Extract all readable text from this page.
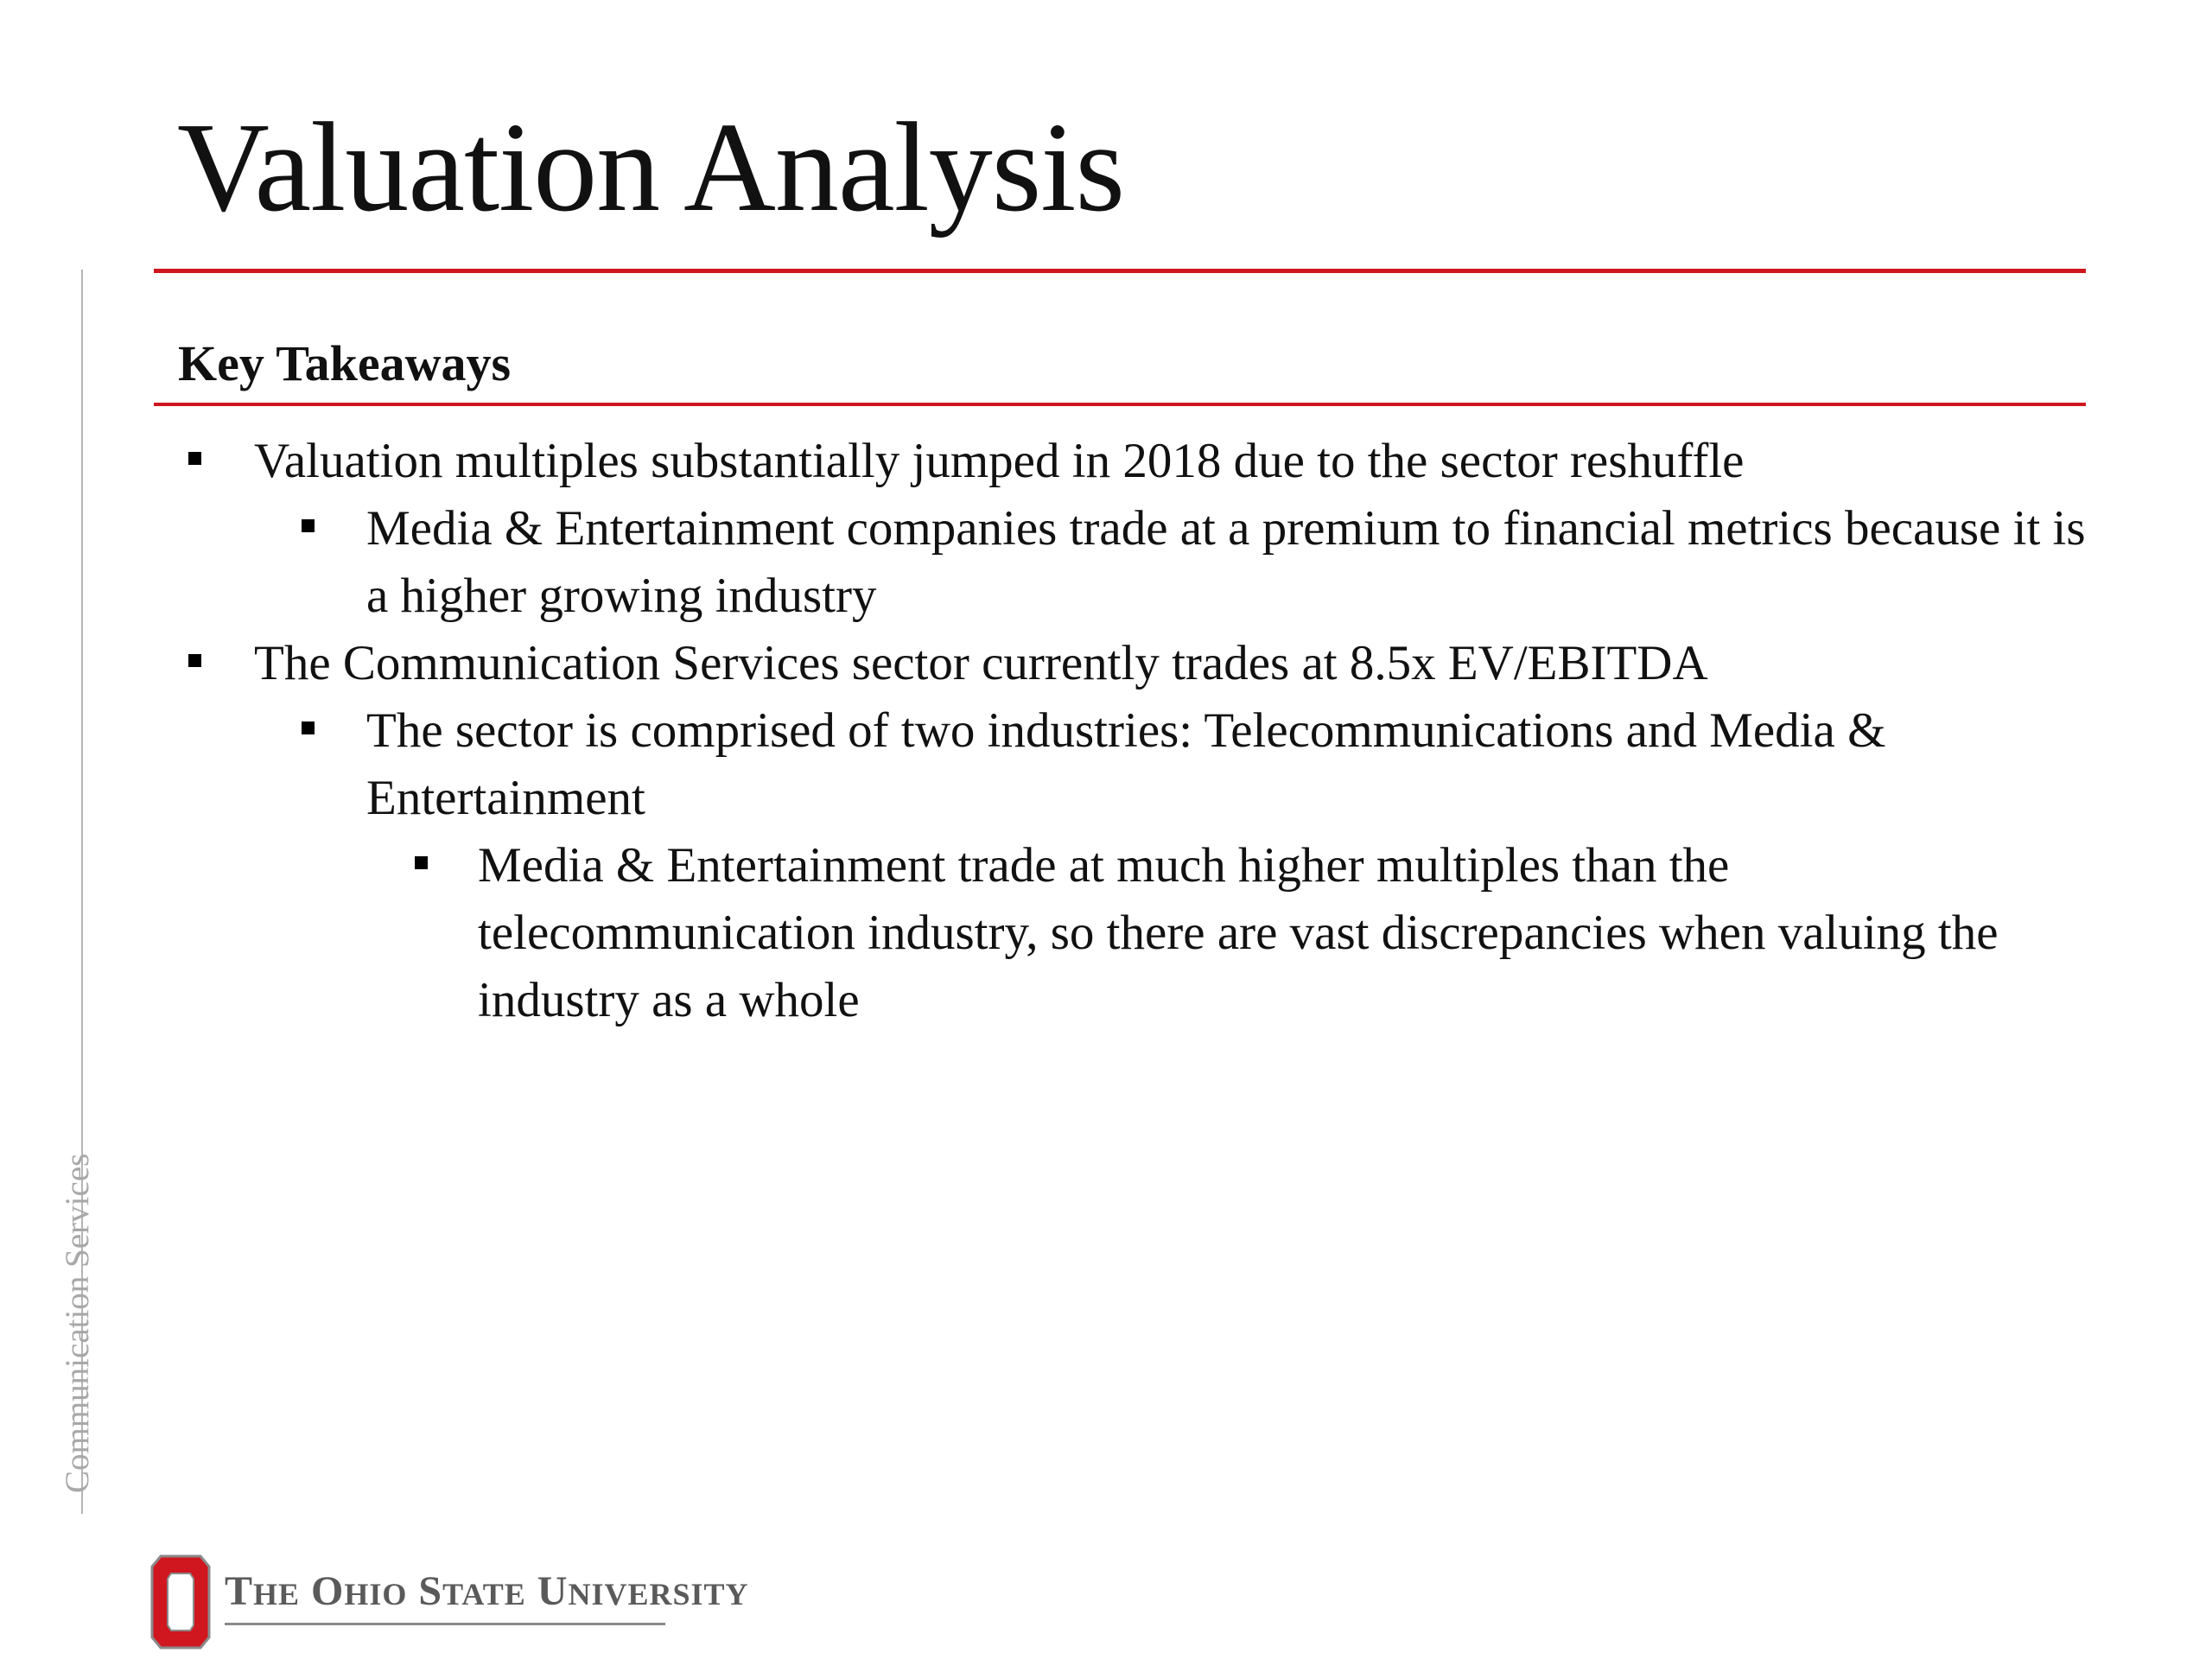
Valuation Analysis
Communication Services
Key Takeaways
Valuation multiples substantially jumped in 2018 due to the sector reshuffle
Media & Entertainment companies trade at a premium to financial metrics because it is a higher growing industry
The Communication Services sector currently trades at 8.5x EV/EBITDA
The sector is comprised of two industries: Telecommunications and Media & Entertainment
Media & Entertainment trade at much higher multiples than the telecommunication industry, so there are vast discrepancies when valuing the industry as a whole
THE OHIO STATE UNIVERSITY
